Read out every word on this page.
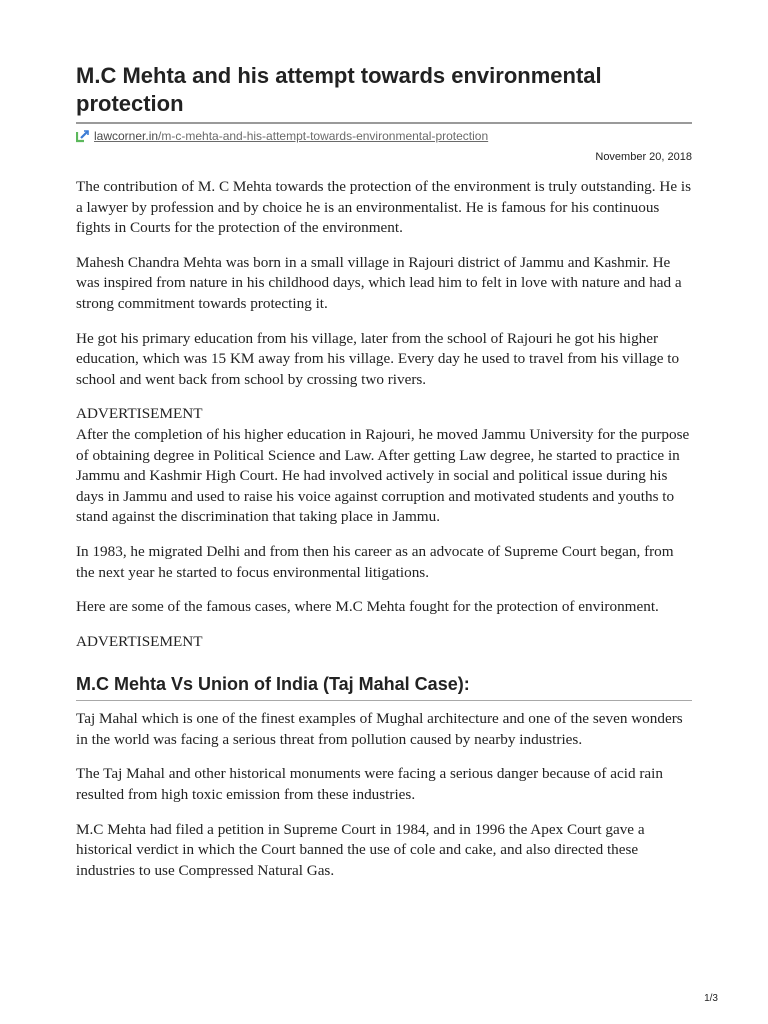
M.C Mehta and his attempt towards environmental protection
lawcorner.in/m-c-mehta-and-his-attempt-towards-environmental-protection
November 20, 2018

The contribution of M. C Mehta towards the protection of the environment is truly outstanding. He is a lawyer by profession and by choice he is an environmentalist. He is famous for his continuous fights in Courts for the protection of the environment.

Mahesh Chandra Mehta was born in a small village in Rajouri district of Jammu and Kashmir. He was inspired from nature in his childhood days, which lead him to felt in love with nature and had a strong commitment towards protecting it.

He got his primary education from his village, later from the school of Rajouri he got his higher education, which was 15 KM away from his village. Every day he used to travel from his village to school and went back from school by crossing two rivers.

ADVERTISEMENT

After the completion of his higher education in Rajouri, he moved Jammu University for the purpose of obtaining degree in Political Science and Law. After getting Law degree, he started to practice in Jammu and Kashmir High Court. He had involved actively in social and political issue during his days in Jammu and used to raise his voice against corruption and motivated students and youths to stand against the discrimination that taking place in Jammu.

In 1983, he migrated Delhi and from then his career as an advocate of Supreme Court began, from the next year he started to focus environmental litigations.

Here are some of the famous cases, where M.C Mehta fought for the protection of environment.

ADVERTISEMENT

M.C Mehta Vs Union of India (Taj Mahal Case):

Taj Mahal which is one of the finest examples of Mughal architecture and one of the seven wonders in the world was facing a serious threat from pollution caused by nearby industries.

The Taj Mahal and other historical monuments were facing a serious danger because of acid rain resulted from high toxic emission from these industries.

M.C Mehta had filed a petition in Supreme Court in 1984, and in 1996 the Apex Court gave a historical verdict in which the Court banned the use of cole and cake, and also directed these industries to use Compressed Natural Gas.

1/3
